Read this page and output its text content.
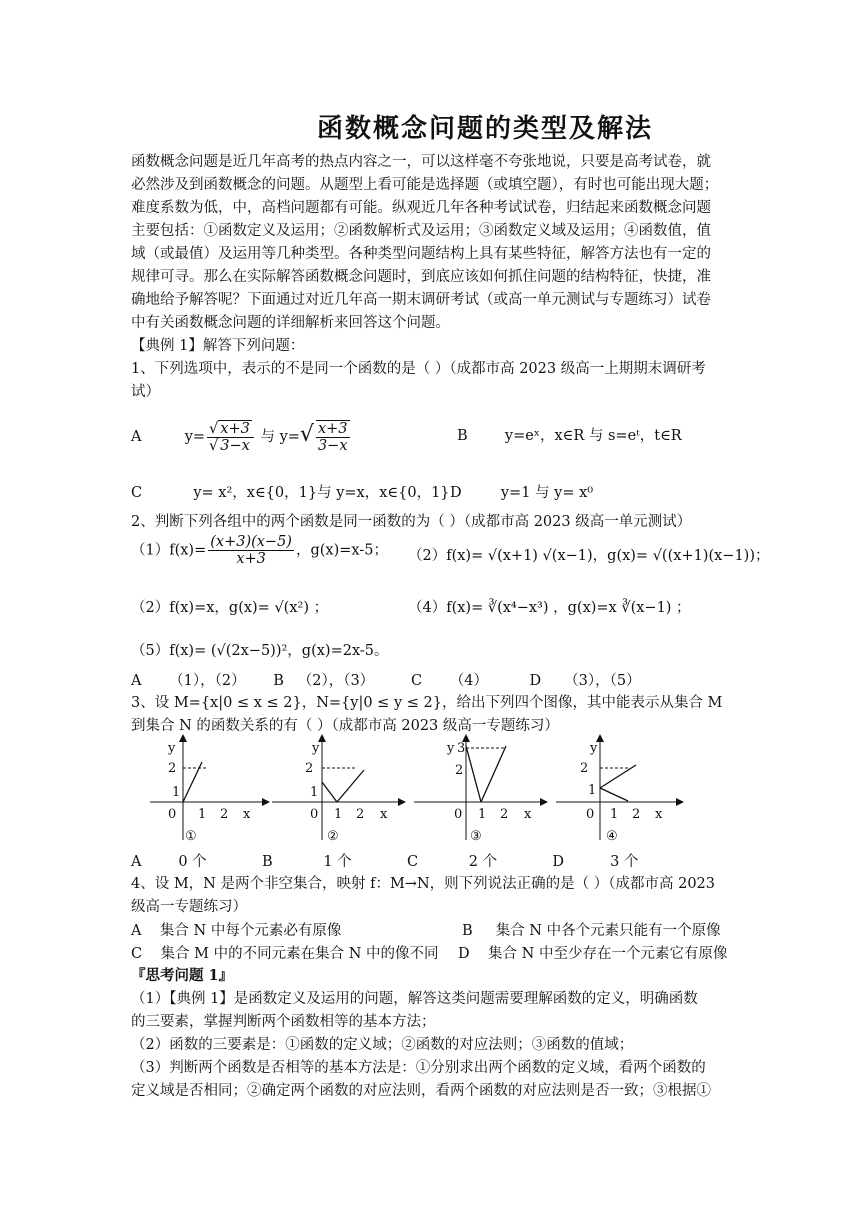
函数概念问题的类型及解法
函数概念问题是近几年高考的热点内容之一，可以这样毫不夸张地说，只要是高考试卷，就
必然涉及到函数概念的问题。从题型上看可能是选择题（或填空题），有时也可能出现大题；
难度系数为低，中，高档问题都有可能。纵观近几年各种考试试卷，归结起来函数概念问题
主要包括：①函数定义及运用；②函数解析式及运用；③函数定义域及运用；④函数值，值
域（或最值）及运用等几种类型。各种类型问题结构上具有某些特征，解答方法也有一定的
规律可寻。那么在实际解答函数概念问题时，到底应该如何抓住问题的结构特征，快捷，准
确地给予解答呢？下面通过对近几年高一期末调研考试（或高一单元测试与专题练习）试卷
中有关函数概念问题的详细解析来回答这个问题。
【典例 1】解答下列问题：
1、下列选项中，表示的不是同一个函数的是（ ）（成都市高 2023 级高一上期期末调研考
试）
A	$y= \frac{√ x+3}{√ 3-x}$ 与 $y=√ \frac{x+3}{3-x}$	B	y=eˣ，x∈R 与 s=eᵗ，t∈R
C	y= x²，x∈{0，1}与 y=x，x∈{0，1} D	y=1 与 y= x⁰
2、判断下列各组中的两个函数是同一函数的为（ ）（成都市高 2023 级高一单元测试）
$(1)f(x)= \frac{(x+3)(x-5)}{x+3}$ ，g(x)=x-5； （2）f(x)= √(x+1) √(x−1)，g(x)= √((x+1)(x−1))；
（2）f(x)=x，g(x)= √(x²) ；	（4）f(x)= ∛(x⁴−x³) ，g(x)=x ∛(x−1) ；
（5）f(x)= (√(2x−5))²，g(x)=2x-5。
A      （1），（2）      B   （2），（3）        C      （4）         D     （3），（5）
3、设 M={x|0 ≤ x ≤ 2}，N={y|0 ≤ y ≤ 2}，给出下列四个图像，其中能表示从集合 M
到集合 N 的函数关系的有（ ）（成都市高 2023 级高一专题练习）
y
2
1
0 1 2 x
①
y
2
1
0 1 2 x
②
y 3
2
0 1 2 x
③
y
2
1
0 1 2 x
④
A        0 个            B           1 个            C           2 个            D          3 个
4、设 M，N 是两个非空集合，映射 f：M→N，则下列说法正确的是（ ）（成都市高 2023
级高一专题练习）
A    集合 N 中每个元素必有原像	B     集合 N 中各个元素只能有一个原像
C    集合 M 中的不同元素在集合 N 中的像不同 D    集合 N 中至少存在一个元素它有原像
『思考问题 1』
（1）【典例 1】是函数定义及运用的问题，解答这类问题需要理解函数的定义，明确函数
的三要素，掌握判断两个函数相等的基本方法；
（2）函数的三要素是：①函数的定义域；②函数的对应法则；③函数的值域；
（3）判断两个函数是否相等的基本方法是：①分别求出两个函数的定义域，看两个函数的
定义域是否相同；②确定两个函数的对应法则，看两个函数的对应法则是否一致；③根据①
